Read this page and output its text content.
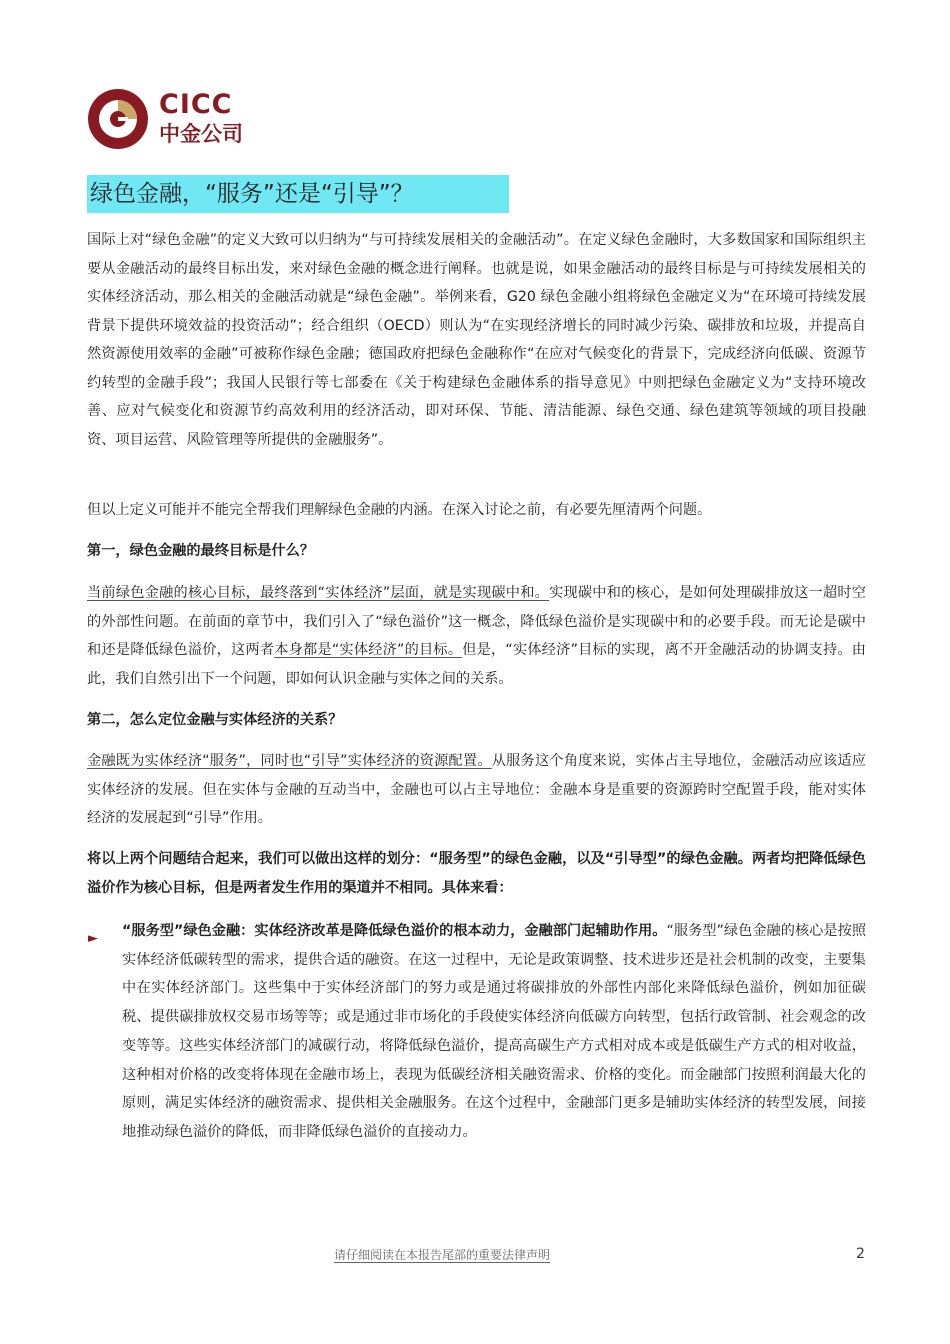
CICC
中金公司
绿色金融，“服务”还是“引导”？

国际上对“绿色金融”的定义大致可以归纳为“与可持续发展相关的金融活动”。在定义绿色金融时，大多数国家和国际组织主要从金融活动的最终目标出发，来对绿色金融的概念进行阐释。也就是说，如果金融活动的最终目标是与可持续发展相关的实体经济活动，那么相关的金融活动就是“绿色金融”。举例来看，G20 绿色金融小组将绿色金融定义为“在环境可持续发展背景下提供环境效益的投资活动”；经合组织（OECD）则认为“在实现经济增长的同时减少污染、碳排放和垃圾，并提高自然资源使用效率的金融”可被称作绿色金融；德国政府把绿色金融称作“在应对气候变化的背景下，完成经济向低碳、资源节约转型的金融手段”；我国人民银行等七部委在《关于构建绿色金融体系的指导意见》中则把绿色金融定义为“支持环境改善、应对气候变化和资源节约高效利用的经济活动，即对环保、节能、清洁能源、绿色交通、绿色建筑等领域的项目投融资、项目运营、风险管理等所提供的金融服务”。

但以上定义可能并不能完全帮我们理解绿色金融的内涵。在深入讨论之前，有必要先厘清两个问题。

第一，绿色金融的最终目标是什么？

当前绿色金融的核心目标，最终落到“实体经济”层面，就是实现碳中和。实现碳中和的核心，是如何处理碳排放这一超时空的外部性问题。在前面的章节中，我们引入了“绿色溢价”这一概念，降低绿色溢价是实现碳中和的必要手段。而无论是碳中和还是降低绿色溢价，这两者本身都是“实体经济”的目标。但是，“实体经济”目标的实现，离不开金融活动的协调支持。由此，我们自然引出下一个问题，即如何认识金融与实体之间的关系。

第二，怎么定位金融与实体经济的关系？

金融既为实体经济“服务”，同时也“引导”实体经济的资源配置。从服务这个角度来说，实体占主导地位，金融活动应该适应实体经济的发展。但在实体与金融的互动当中，金融也可以占主导地位：金融本身是重要的资源跨时空配置手段，能对实体经济的发展起到“引导”作用。

将以上两个问题结合起来，我们可以做出这样的划分：“服务型”的绿色金融，以及“引导型”的绿色金融。两者均把降低绿色溢价作为核心目标，但是两者发生作用的渠道并不相同。具体来看：

► “服务型”绿色金融：实体经济改革是降低绿色溢价的根本动力，金融部门起辅助作用。“服务型”绿色金融的核心是按照实体经济低碳转型的需求，提供合适的融资。在这一过程中，无论是政策调整、技术进步还是社会机制的改变，主要集中在实体经济部门。这些集中于实体经济部门的努力或是通过将碳排放的外部性内部化来降低绿色溢价，例如加征碳税、提供碳排放权交易市场等等；或是通过非市场化的手段使实体经济向低碳方向转型，包括行政管制、社会观念的改变等等。这些实体经济部门的减碳行动，将降低绿色溢价，提高高碳生产方式相对成本或是低碳生产方式的相对收益，这种相对价格的改变将体现在金融市场上，表现为低碳经济相关融资需求、价格的变化。而金融部门按照利润最大化的原则，满足实体经济的融资需求、提供相关金融服务。在这个过程中，金融部门更多是辅助实体经济的转型发展，间接地推动绿色溢价的降低，而非降低绿色溢价的直接动力。

请仔细阅读在本报告尾部的重要法律声明	2
